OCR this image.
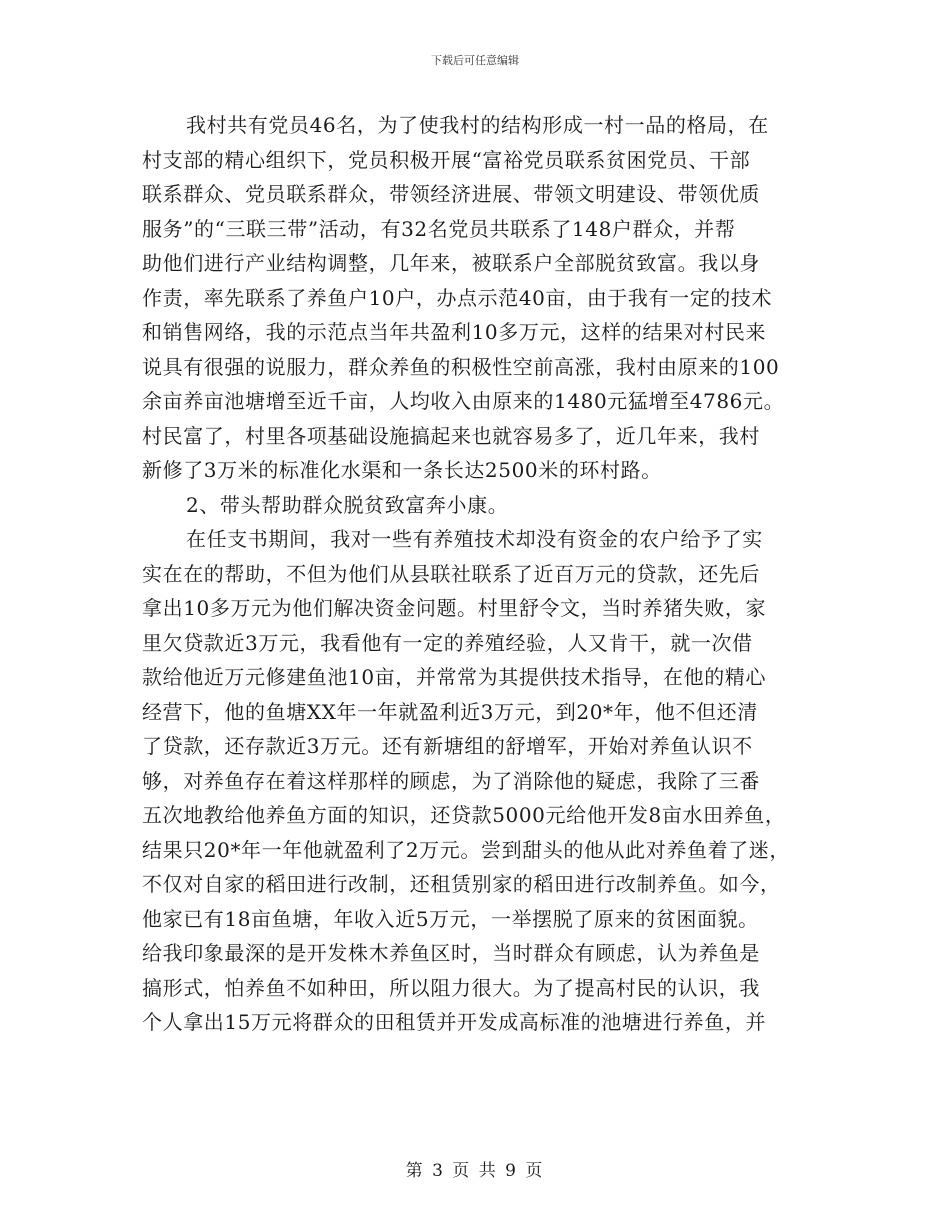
下载后可任意编辑
我村共有党员46名，为了使我村的结构形成一村一品的格局，在
村支部的精心组织下，党员积极开展“富裕党员联系贫困党员、干部
联系群众、党员联系群众，带领经济进展、带领文明建设、带领优质
服务”的“三联三带”活动，有32名党员共联系了148户群众，并帮
助他们进行产业结构调整，几年来，被联系户全部脱贫致富。我以身
作责，率先联系了养鱼户10户，办点示范40亩，由于我有一定的技术
和销售网络，我的示范点当年共盈利10多万元，这样的结果对村民来
说具有很强的说服力，群众养鱼的积极性空前高涨，我村由原来的100
余亩养亩池塘增至近千亩，人均收入由原来的1480元猛增至4786元。
村民富了，村里各项基础设施搞起来也就容易多了，近几年来，我村
新修了3万米的标准化水渠和一条长达2500米的环村路。
2、带头帮助群众脱贫致富奔小康。
在任支书期间，我对一些有养殖技术却没有资金的农户给予了实
实在在的帮助，不但为他们从县联社联系了近百万元的贷款，还先后
拿出10多万元为他们解决资金问题。村里舒令文，当时养猪失败，家
里欠贷款近3万元，我看他有一定的养殖经验，人又肯干，就一次借
款给他近万元修建鱼池10亩，并常常为其提供技术指导，在他的精心
经营下，他的鱼塘XX年一年就盈利近3万元，到20*年，他不但还清
了贷款，还存款近3万元。还有新塘组的舒增军，开始对养鱼认识不
够，对养鱼存在着这样那样的顾虑，为了消除他的疑虑，我除了三番
五次地教给他养鱼方面的知识，还贷款5000元给他开发8亩水田养鱼，
结果只20*年一年他就盈利了2万元。尝到甜头的他从此对养鱼着了迷，
不仅对自家的稻田进行改制，还租赁别家的稻田进行改制养鱼。如今，
他家已有18亩鱼塘，年收入近5万元，一举摆脱了原来的贫困面貌。
给我印象最深的是开发株木养鱼区时，当时群众有顾虑，认为养鱼是
搞形式，怕养鱼不如种田，所以阻力很大。为了提高村民的认识，我
个人拿出15万元将群众的田租赁并开发成高标准的池塘进行养鱼，并
第 3 页 共 9 页
